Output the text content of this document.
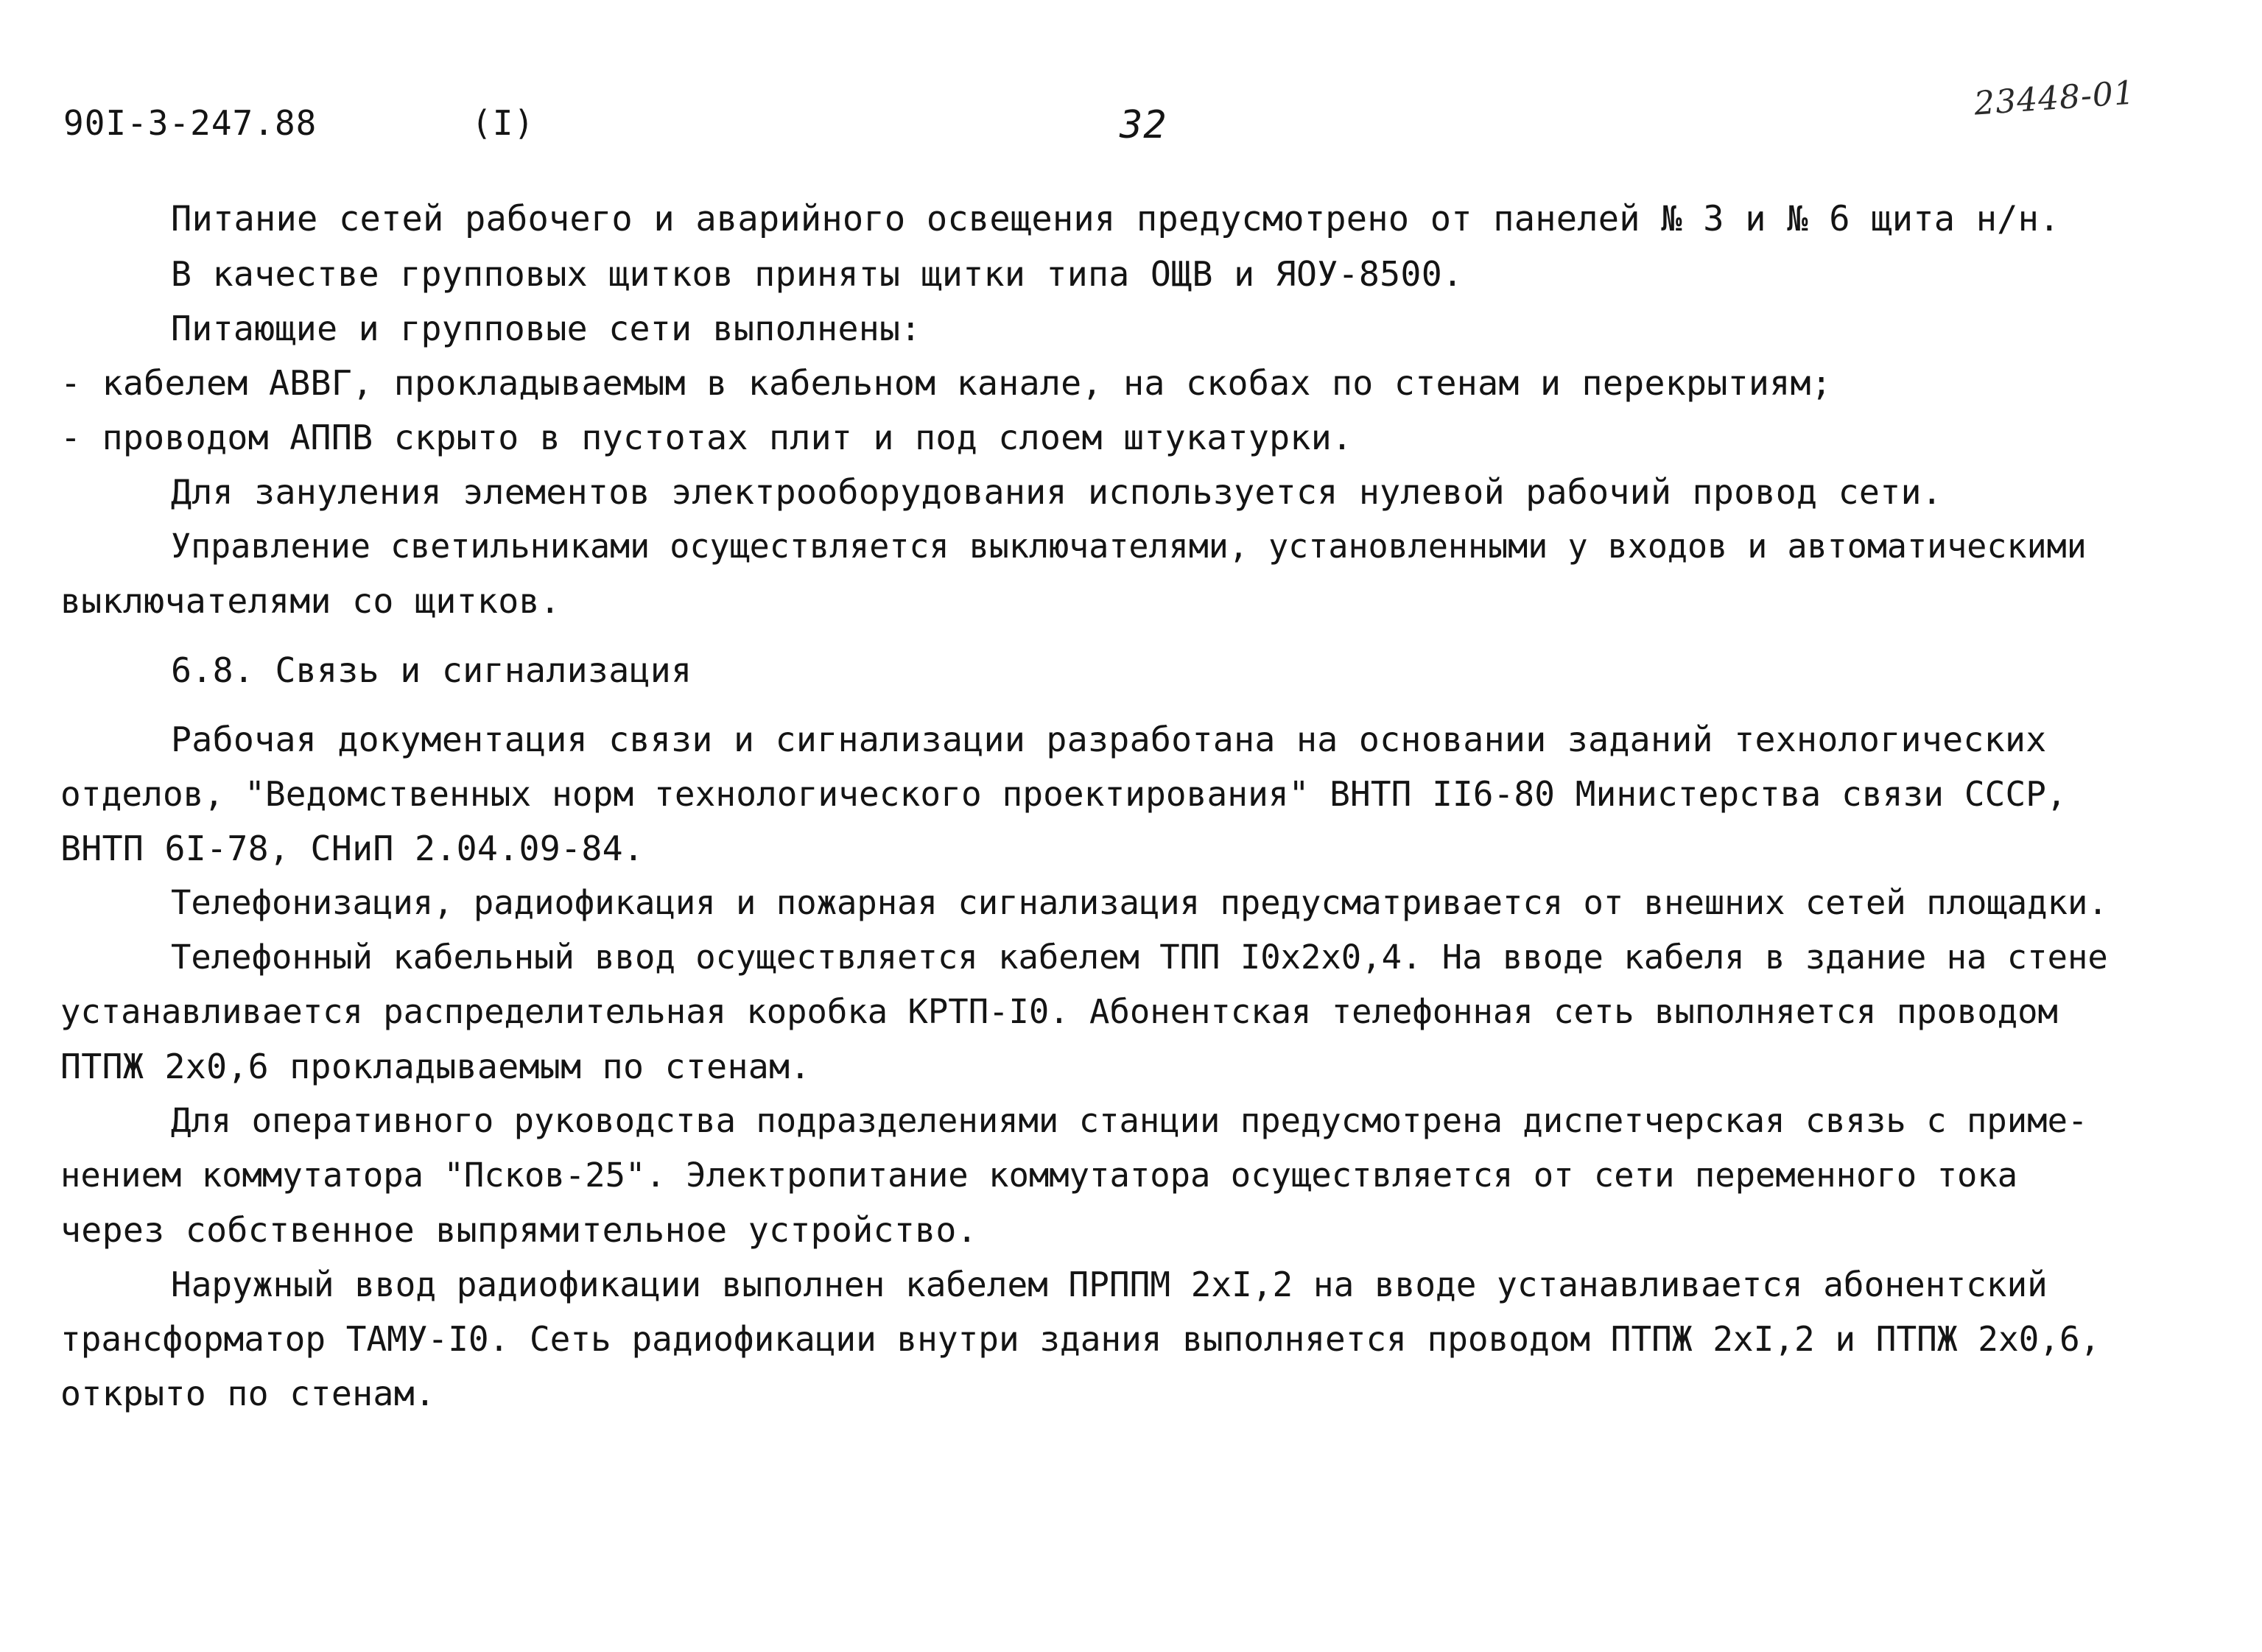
90I-3-247.88	(I)	32
23448-01
Питание сетей рабочего и аварийного освещения предусмотрено от панелей № 3 и № 6 щита н/н.
В качестве групповых щитков приняты щитки типа ОЩВ и ЯОУ-8500.
Питающие и групповые сети выполнены:
- кабелем АВВГ, прокладываемым в кабельном канале, на скобах по стенам и перекрытиям;
- проводом АППВ скрыто в пустотах плит и под слоем штукатурки.
Для зануления элементов электрооборудования используется нулевой рабочий провод сети.
Управление светильниками осуществляется выключателями, установленными у входов и автоматическими
выключателями со щитков.
6.8. Связь и сигнализация
Рабочая документация связи и сигнализации разработана на основании заданий технологических
отделов, "Ведомственных норм технологического проектирования" ВНТП II6-80 Министерства связи СССР,
ВНТП 6I-78, СНиП 2.04.09-84.
Телефонизация, радиофикация и пожарная сигнализация предусматривается от внешних сетей площадки.
Телефонный кабельный ввод осуществляется кабелем ТПП I0х2х0,4. На вводе кабеля в здание на стене
устанавливается распределительная коробка КРТП-I0. Абонентская телефонная сеть выполняется проводом
ПТПЖ 2х0,6 прокладываемым по стенам.
Для оперативного руководства подразделениями станции предусмотрена диспетчерская связь с приме-
нением коммутатора "Псков-25". Электропитание коммутатора осуществляется от сети переменного тока
через собственное выпрямительное устройство.
Наружный ввод радиофикации выполнен кабелем ПРППМ 2хI,2 на вводе устанавливается абонентский
трансформатор ТАМУ-I0. Сеть радиофикации внутри здания выполняется проводом ПТПЖ 2хI,2 и ПТПЖ 2х0,6,
открыто по стенам.
